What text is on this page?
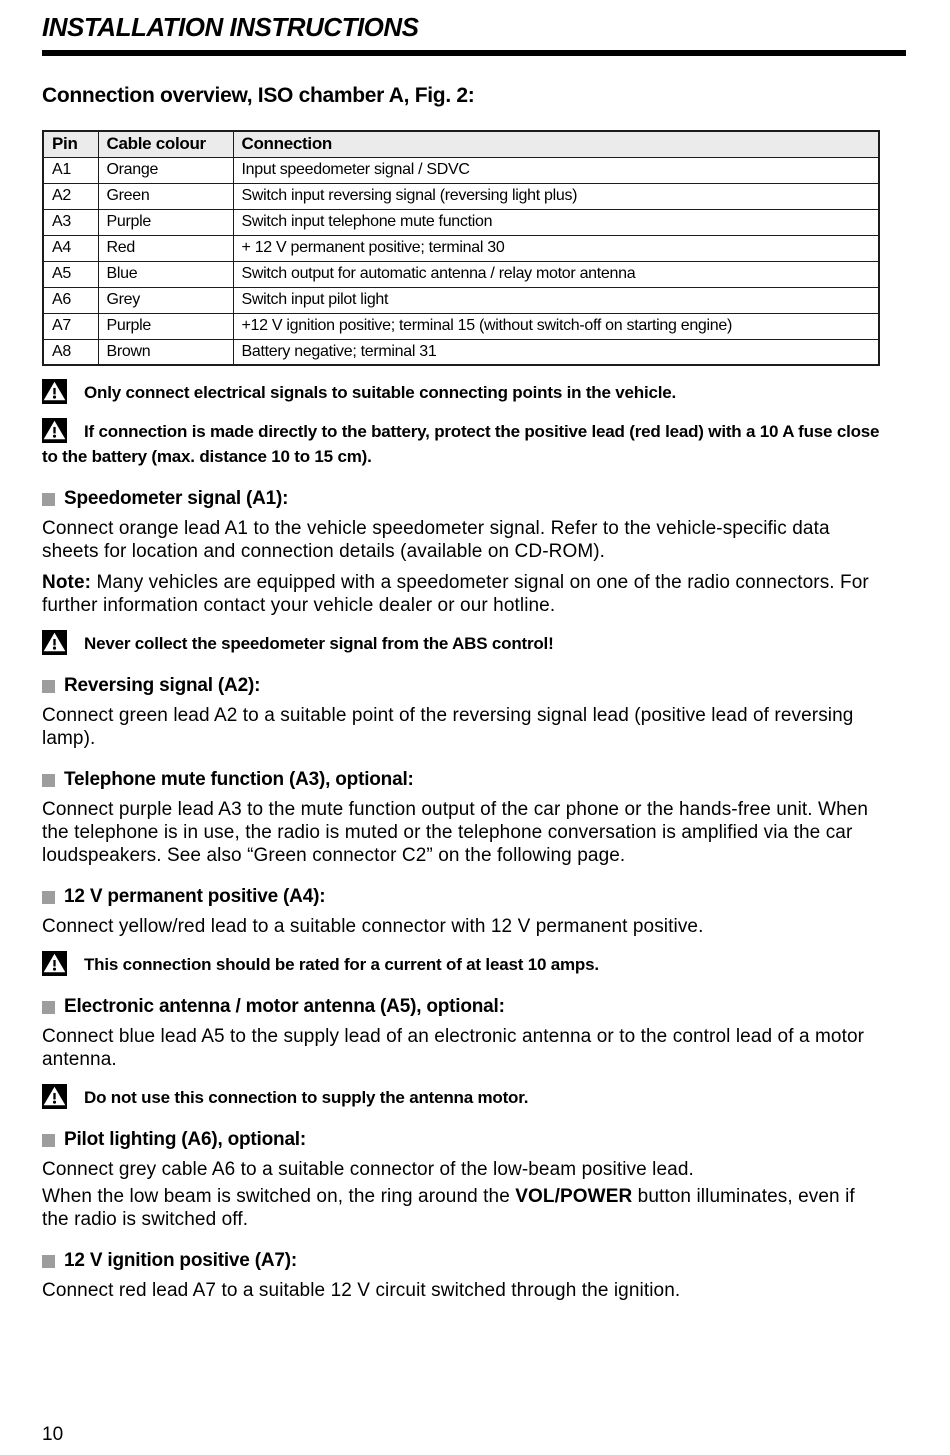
INSTALLATION INSTRUCTIONS
Connection overview, ISO chamber A, Fig. 2:
Pin	Cable colour	Connection
A1	Orange	Input speedometer signal / SDVC
A2	Green	Switch input reversing signal (reversing light plus)
A3	Purple	Switch input telephone mute function
A4	Red	+ 12 V permanent positive; terminal 30
A5	Blue	Switch output for automatic antenna / relay motor antenna
A6	Grey	Switch input pilot light
A7	Purple	+12 V ignition positive; terminal 15 (without switch-off on starting engine)
A8	Brown	Battery negative; terminal 31
Only connect electrical signals to suitable connecting points in the vehicle.
If connection is made directly to the battery, protect the positive lead (red lead) with a 10 A fuse close to the battery (max. distance 10 to 15 cm).
Speedometer signal (A1):

Connect orange lead A1 to the vehicle speedometer signal. Refer to the vehicle-specific data sheets for location and connection details (available on CD-ROM).

Note: Many vehicles are equipped with a speedometer signal on one of the radio connectors. For further information contact your vehicle dealer or our hotline.

Never collect the speedometer signal from the ABS control!
Reversing signal (A2):

Connect green lead A2 to a suitable point of the reversing signal lead (positive lead of reversing lamp).

Telephone mute function (A3), optional:

Connect purple lead A3 to the mute function output of the car phone or the hands-free unit. When the telephone is in use, the radio is muted or the telephone conversation is amplified via the car loudspeakers. See also “Green connector C2” on the following page.

12 V permanent positive (A4):

Connect yellow/red lead to a suitable connector with 12 V permanent positive.

This connection should be rated for a current of at least 10 amps.
Electronic antenna / motor antenna (A5), optional:

Connect blue lead A5 to the supply lead of an electronic antenna or to the control lead of a motor antenna.

Do not use this connection to supply the antenna motor.
Pilot lighting (A6), optional:

Connect grey cable A6 to a suitable connector of the low-beam positive lead.

When the low beam is switched on, the ring around the VOL/POWER button illuminates, even if the radio is switched off.

12 V ignition positive (A7):

Connect red lead A7 to a suitable 12 V circuit switched through the ignition.

10
